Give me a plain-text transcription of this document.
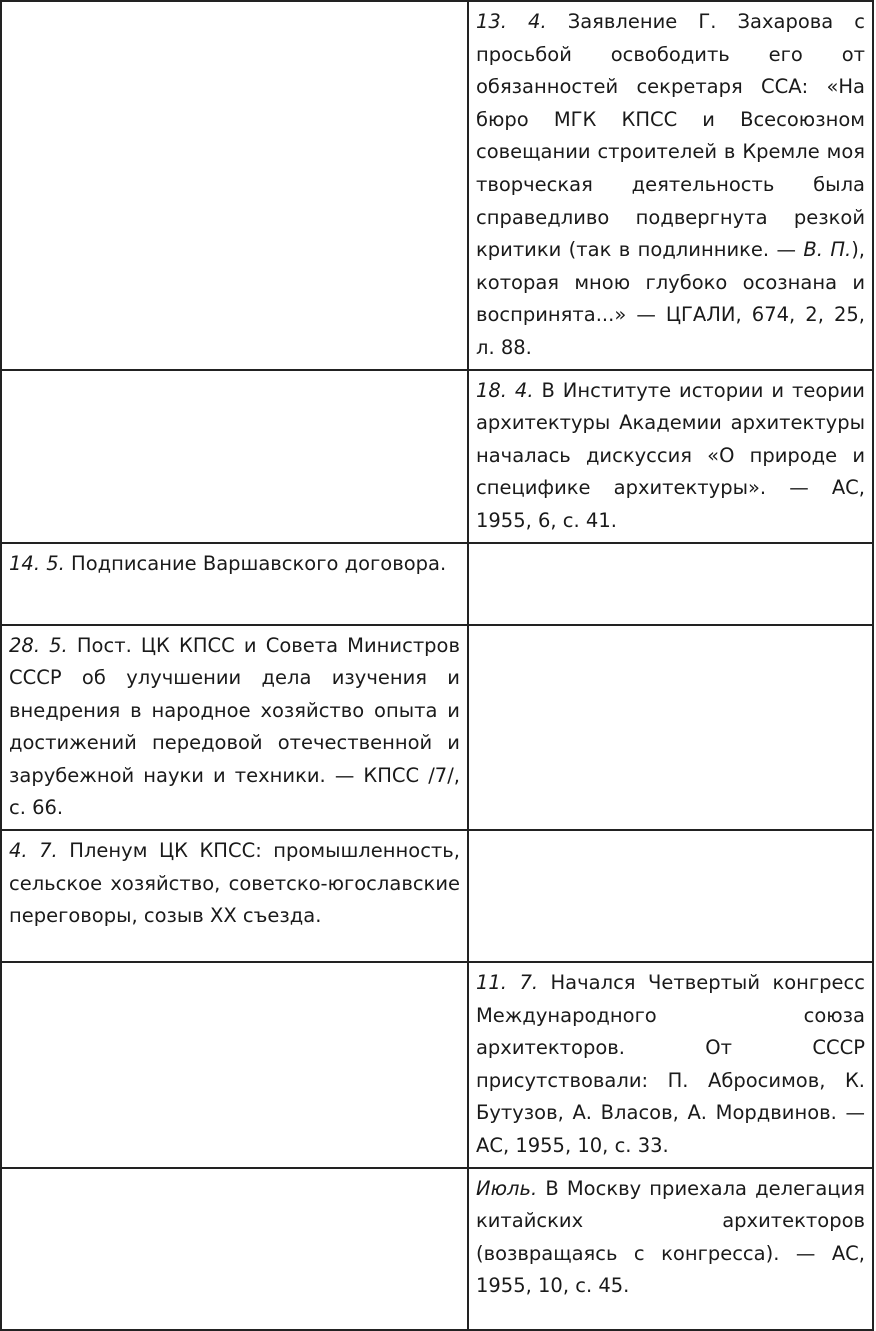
	13. 4. Заявление Г. Захарова с просьбой освободить его от обязанностей секретаря ССА: «На бюро МГК КПСС и Всесоюзном совещании строителей в Кремле моя творческая деятельность была справедливо подвергнута резкой критики (так в подлиннике. — В. П.), которая мною глубоко осознана и воспринята...» — ЦГАЛИ, 674, 2, 25, л. 88.
	18. 4. В Институте истории и теории архитектуры Академии архитектуры началась дискуссия «О природе и специфике архитектуры». — АС, 1955, 6, с. 41.
14. 5. Подписание Варшавского договора.	
28. 5. Пост. ЦК КПСС и Совета Министров СССР об улучшении дела изучения и внедрения в народное хозяйство опыта и достижений передовой отечественной и зарубежной науки и техники. — КПСС /7/, с. 66.	
4. 7. Пленум ЦК КПСС: промышленность, сельское хозяйство, советско-югославские переговоры, созыв XX съезда.	
	11. 7. Начался Четвертый конгресс Международного союза архитекторов. От СССР присутствовали: П. Абросимов, К. Бутузов, А. Власов, А. Мордвинов. — АС, 1955, 10, с. 33.
	Июль. В Москву приехала делегация китайских архитекторов (возвращаясь с конгресса). — АС, 1955, 10, с. 45.
